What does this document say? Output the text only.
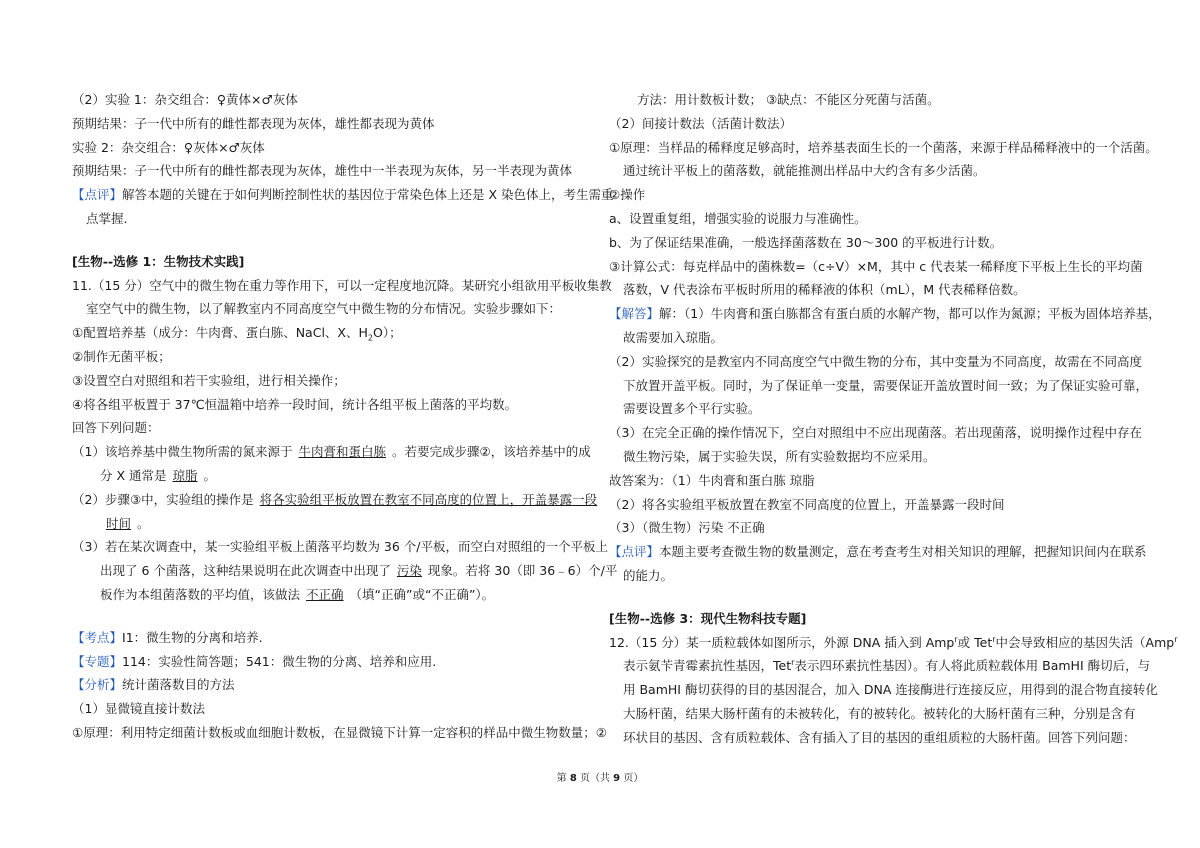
（2）实验 1：杂交组合：♀黄体×♂灰体
预期结果：子一代中所有的雌性都表现为灰体，雄性都表现为黄体
实验 2：杂交组合：♀灰体×♂灰体
预期结果：子一代中所有的雌性都表现为灰体，雄性中一半表现为灰体，另一半表现为黄体
【点评】解答本题的关键在于如何判断控制性状的基因位于常染色体上还是 X 染色体上，考生需重
点掌握.
[生物--选修 1：生物技术实践]
11.（15 分）空气中的微生物在重力等作用下，可以一定程度地沉降。某研究小组欲用平板收集教
室空气中的微生物，以了解教室内不同高度空气中微生物的分布情况。实验步骤如下：
①配置培养基（成分：牛肉膏、蛋白胨、NaCl、X、$H_2O$）；
②制作无菌平板；
③设置空白对照组和若干实验组，进行相关操作；
④将各组平板置于 37℃恒温箱中培养一段时间，统计各组平板上菌落的平均数。
回答下列问题：
（1）该培养基中微生物所需的氮来源于 牛肉膏和蛋白胨 。若要完成步骤②，该培养基中的成
分 X 通常是 琼脂 。
（2）步骤③中，实验组的操作是 将各实验组平板放置在教室不同高度的位置上，开盖暴露一段
时间 。
（3）若在某次调查中，某一实验组平板上菌落平均数为 36 个/平板，而空白对照组的一个平板上
出现了 6 个菌落，这种结果说明在此次调查中出现了 污染 现象。若将 30（即 36﹣6）个/平
板作为本组菌落数的平均值，该做法 不正确 （填“正确”或“不正确”）。
【考点】I1：微生物的分离和培养.
【专题】114：实验性简答题；541：微生物的分离、培养和应用.
【分析】统计菌落数目的方法
（1）显微镜直接计数法
①原理：利用特定细菌计数板或血细胞计数板，在显微镜下计算一定容积的样品中微生物数量；②
方法：用计数板计数； ③缺点：不能区分死菌与活菌。
（2）间接计数法（活菌计数法）
①原理：当样品的稀释度足够高时，培养基表面生长的一个菌落，来源于样品稀释液中的一个活菌。
通过统计平板上的菌落数，就能推测出样品中大约含有多少活菌。
②操作
a、设置重复组，增强实验的说服力与准确性。
b、为了保证结果准确，一般选择菌落数在 30～300 的平板进行计数。
③计算公式：每克样品中的菌株数=（c÷V）×M，其中 c 代表某一稀释度下平板上生长的平均菌
落数，V 代表涂布平板时所用的稀释液的体积（mL），M 代表稀释倍数。
【解答】解：（1）牛肉膏和蛋白胨都含有蛋白质的水解产物，都可以作为氮源；平板为固体培养基，
故需要加入琼脂。
（2）实验探究的是教室内不同高度空气中微生物的分布，其中变量为不同高度，故需在不同高度
下放置开盖平板。同时，为了保证单一变量，需要保证开盖放置时间一致；为了保证实验可靠，
需要设置多个平行实验。
（3）在完全正确的操作情况下，空白对照组中不应出现菌落。若出现菌落，说明操作过程中存在
微生物污染，属于实验失误，所有实验数据均不应采用。
故答案为：（1）牛肉膏和蛋白胨 琼脂
（2）将各实验组平板放置在教室不同高度的位置上，开盖暴露一段时间
（3）（微生物）污染 不正确
【点评】本题主要考查微生物的数量测定，意在考查考生对相关知识的理解，把握知识间内在联系
的能力。
[生物--选修 3：现代生物科技专题]
12.（15 分）某一质粒载体如图所示，外源 DNA 插入到 Amp$^r$或 Tet$^r$中会导致相应的基因失活（Amp$^r$
表示氨苄青霉素抗性基因，Tet$^r$表示四环素抗性基因）。有人将此质粒载体用 BamHI 酶切后，与
用 BamHI 酶切获得的目的基因混合，加入 DNA 连接酶进行连接反应，用得到的混合物直接转化
大肠杆菌，结果大肠杆菌有的未被转化，有的被转化。被转化的大肠杆菌有三种，分别是含有
环状目的基因、含有质粒载体、含有插入了目的基因的重组质粒的大肠杆菌。回答下列问题：
第 8 页（共 9 页）
